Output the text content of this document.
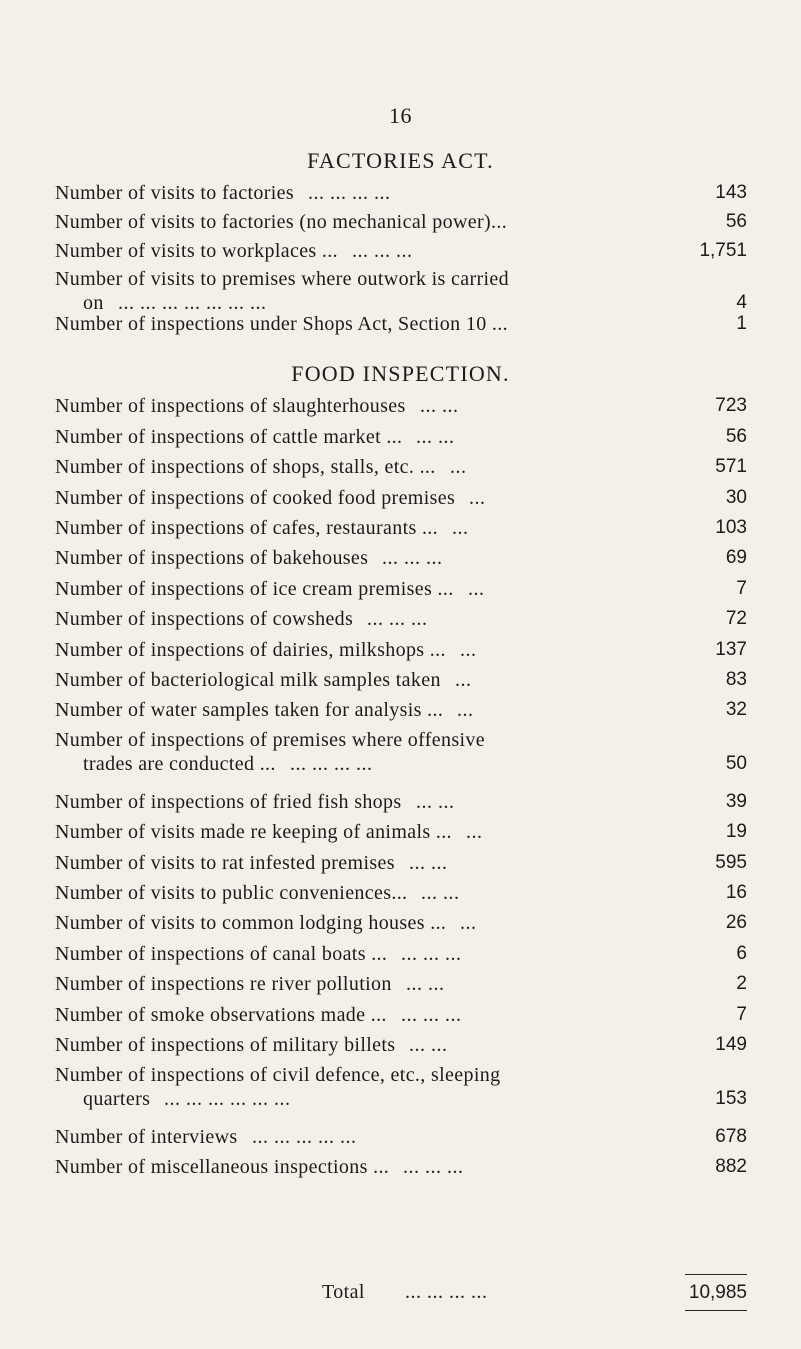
16
FACTORIES ACT.
Number of visits to factories ... ... ... ...	143
Number of visits to factories (no mechanical power)...	56
Number of visits to workplaces ... ... ... ...	1,751
Number of visits to premises where outwork is carried
on ... ... ... ... ... ... ...	4
Number of inspections under Shops Act, Section 10 ...	1
FOOD INSPECTION.
Number of inspections of slaughterhouses ... ...	723
Number of inspections of cattle market ... ... ...	56
Number of inspections of shops, stalls, etc. ... ...	571
Number of inspections of cooked food premises ...	30
Number of inspections of cafes, restaurants ... ...	103
Number of inspections of bakehouses ... ... ...	69
Number of inspections of ice cream premises ... ...	7
Number of inspections of cowsheds ... ... ...	72
Number of inspections of dairies, milkshops ... ...	137
Number of bacteriological milk samples taken ...	83
Number of water samples taken for analysis ... ...	32
Number of inspections of premises where offensive
trades are conducted ... ... ... ... ...	50
Number of inspections of fried fish shops ... ...	39
Number of visits made re keeping of animals ... ...	19
Number of visits to rat infested premises ... ...	595
Number of visits to public conveniences... ... ...	16
Number of visits to common lodging houses ... ...	26
Number of inspections of canal boats ... ... ... ...	6
Number of inspections re river pollution ... ...	2
Number of smoke observations made ... ... ... ...	7
Number of inspections of military billets ... ...	149
Number of inspections of civil defence, etc., sleeping
quarters ... ... ... ... ... ...	153
Number of interviews ... ... ... ... ...	678
Number of miscellaneous inspections ... ... ... ...	882
Total ... ... ... ...	10,985
